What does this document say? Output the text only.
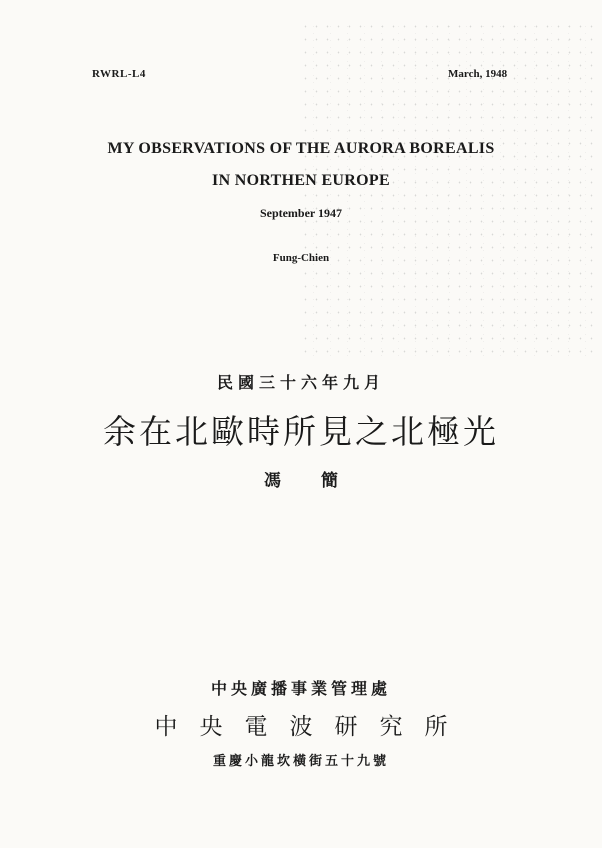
RWRL-L4	March, 1948
MY OBSERVATIONS OF THE AURORA BOREALIS
IN NORTHEN EUROPE
September 1947
Fung-Chien
民國三十六年九月
余在北歐時所見之北極光
馮簡
中央廣播事業管理處
中央電波研究所
重慶小龍坎橫街五十九號
